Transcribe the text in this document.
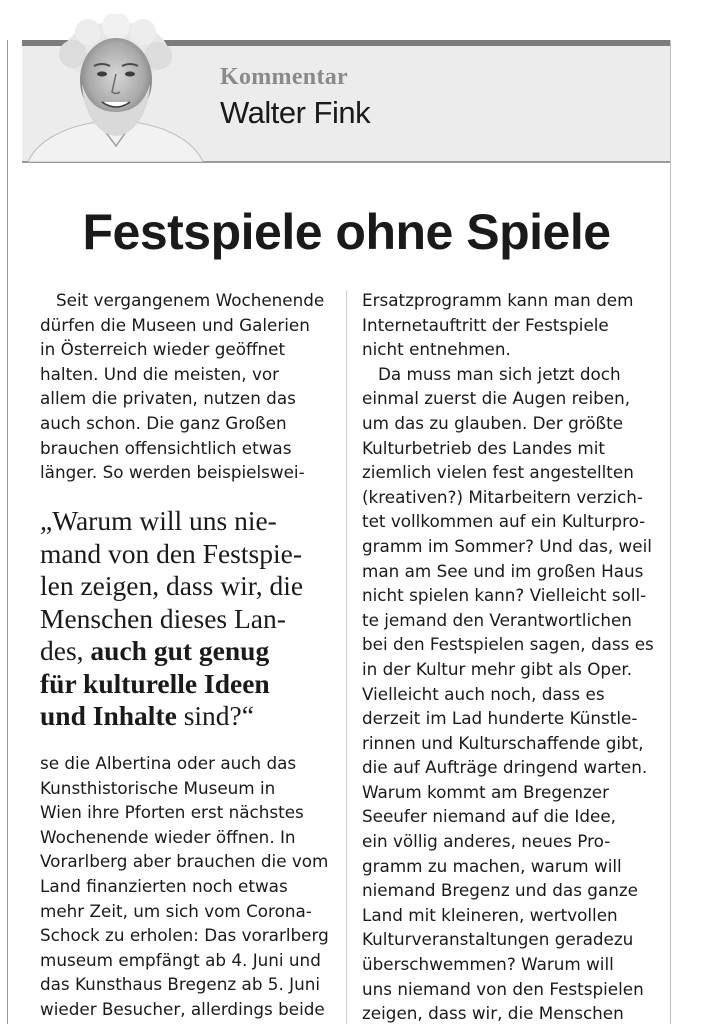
Kommentar
Walter Fink
Festspiele ohne Spiele
Seit vergangenem Wochenende
dürfen die Museen und Galerien
in Österreich wieder geöffnet
halten. Und die meisten, vor
allem die privaten, nutzen das
auch schon. Die ganz Großen
brauchen offensichtlich etwas
länger. So werden beispielswei-
„Warum will uns nie-
mand von den Festspie-
len zeigen, dass wir, die
Menschen dieses Lan-
des, auch gut genug
für kulturelle Ideen
und Inhalte sind?“
se die Albertina oder auch das
Kunsthistorische Museum in
Wien ihre Pforten erst nächstes
Wochenende wieder öffnen. In
Vorarlberg aber brauchen die vom
Land finanzierten noch etwas
mehr Zeit, um sich vom Corona-
Schock zu erholen: Das vorarlberg
museum empfängt ab 4. Juni und
das Kunsthaus Bregenz ab 5. Juni
wieder Besucher, allerdings beide
Ersatzprogramm kann man dem
Internetauftritt der Festspiele
nicht entnehmen.
Da muss man sich jetzt doch
einmal zuerst die Augen reiben,
um das zu glauben. Der größte
Kulturbetrieb des Landes mit
ziemlich vielen fest angestellten
(kreativen?) Mitarbeitern verzich-
tet vollkommen auf ein Kulturpro-
gramm im Sommer? Und das, weil
man am See und im großen Haus
nicht spielen kann? Vielleicht soll-
te jemand den Verantwortlichen
bei den Festspielen sagen, dass es
in der Kultur mehr gibt als Oper.
Vielleicht auch noch, dass es
derzeit im Lad hunderte Künstle-
rinnen und Kulturschaffende gibt,
die auf Aufträge dringend warten.
Warum kommt am Bregenzer
Seeufer niemand auf die Idee,
ein völlig anderes, neues Pro-
gramm zu machen, warum will
niemand Bregenz und das ganze
Land mit kleineren, wertvollen
Kulturveranstaltungen geradezu
überschwemmen? Warum will
uns niemand von den Festspielen
zeigen, dass wir, die Menschen
